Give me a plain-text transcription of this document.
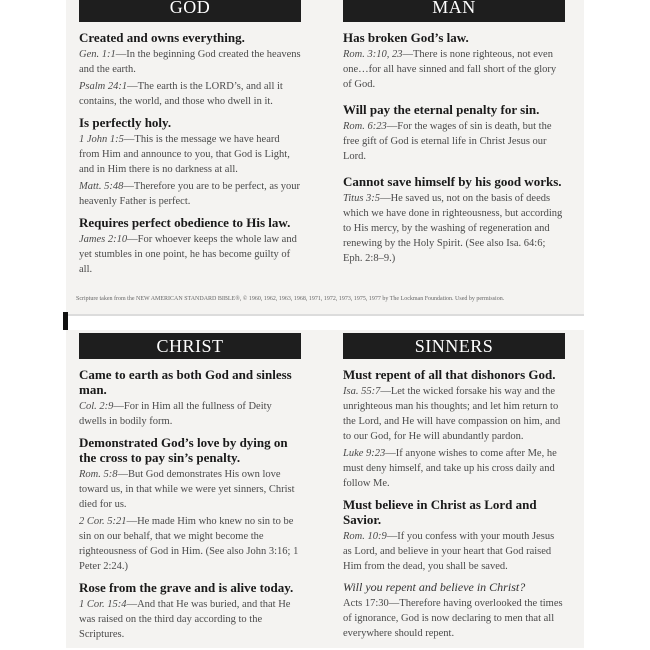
GOD
Created and owns everything.
Gen. 1:1—In the beginning God created the heavens and the earth.
Psalm 24:1—The earth is the LORD’s, and all it contains, the world, and those who dwell in it.
Is perfectly holy.
1 John 1:5—This is the message we have heard from Him and announce to you, that God is Light, and in Him there is no darkness at all.
Matt. 5:48—Therefore you are to be perfect, as your heavenly Father is perfect.
Requires perfect obedience to His law.
James 2:10—For whoever keeps the whole law and yet stumbles in one point, he has become guilty of all.
MAN
Has broken God’s law.
Rom. 3:10, 23—There is none righteous, not even one…for all have sinned and fall short of the glory of God.
Will pay the eternal penalty for sin.
Rom. 6:23—For the wages of sin is death, but the free gift of God is eternal life in Christ Jesus our Lord.
Cannot save himself by his good works.
Titus 3:5—He saved us, not on the basis of deeds which we have done in righteousness, but according to His mercy, by the washing of regeneration and renewing by the Holy Spirit. (See also Isa. 64:6; Eph. 2:8–9.)
Scripture taken from the NEW AMERICAN STANDARD BIBLE®, © 1960, 1962, 1963, 1968, 1971, 1972, 1973, 1975, 1977 by The Lockman Foundation. Used by permission.
CHRIST
Came to earth as both God and sinless man.
Col. 2:9—For in Him all the fullness of Deity dwells in bodily form.
Demonstrated God’s love by dying on the cross to pay sin’s penalty.
Rom. 5:8—But God demonstrates His own love toward us, in that while we were yet sinners, Christ died for us.
2 Cor. 5:21—He made Him who knew no sin to be sin on our behalf, that we might become the righteousness of God in Him. (See also John 3:16; 1 Peter 2:24.)
Rose from the grave and is alive today.
1 Cor. 15:4—And that He was buried, and that He was raised on the third day according to the Scriptures.
SINNERS
Must repent of all that dishonors God.
Isa. 55:7—Let the wicked forsake his way and the unrighteous man his thoughts; and let him return to the Lord, and He will have compassion on him, and to our God, for He will abundantly pardon.
Luke 9:23—If anyone wishes to come after Me, he must deny himself, and take up his cross daily and follow Me.
Must believe in Christ as Lord and Savior.
Rom. 10:9—If you confess with your mouth Jesus as Lord, and believe in your heart that God raised Him from the dead, you shall be saved.
Will you repent and believe in Christ?
Acts 17:30—Therefore having overlooked the times of ignorance, God is now declaring to men that all everywhere should repent.
